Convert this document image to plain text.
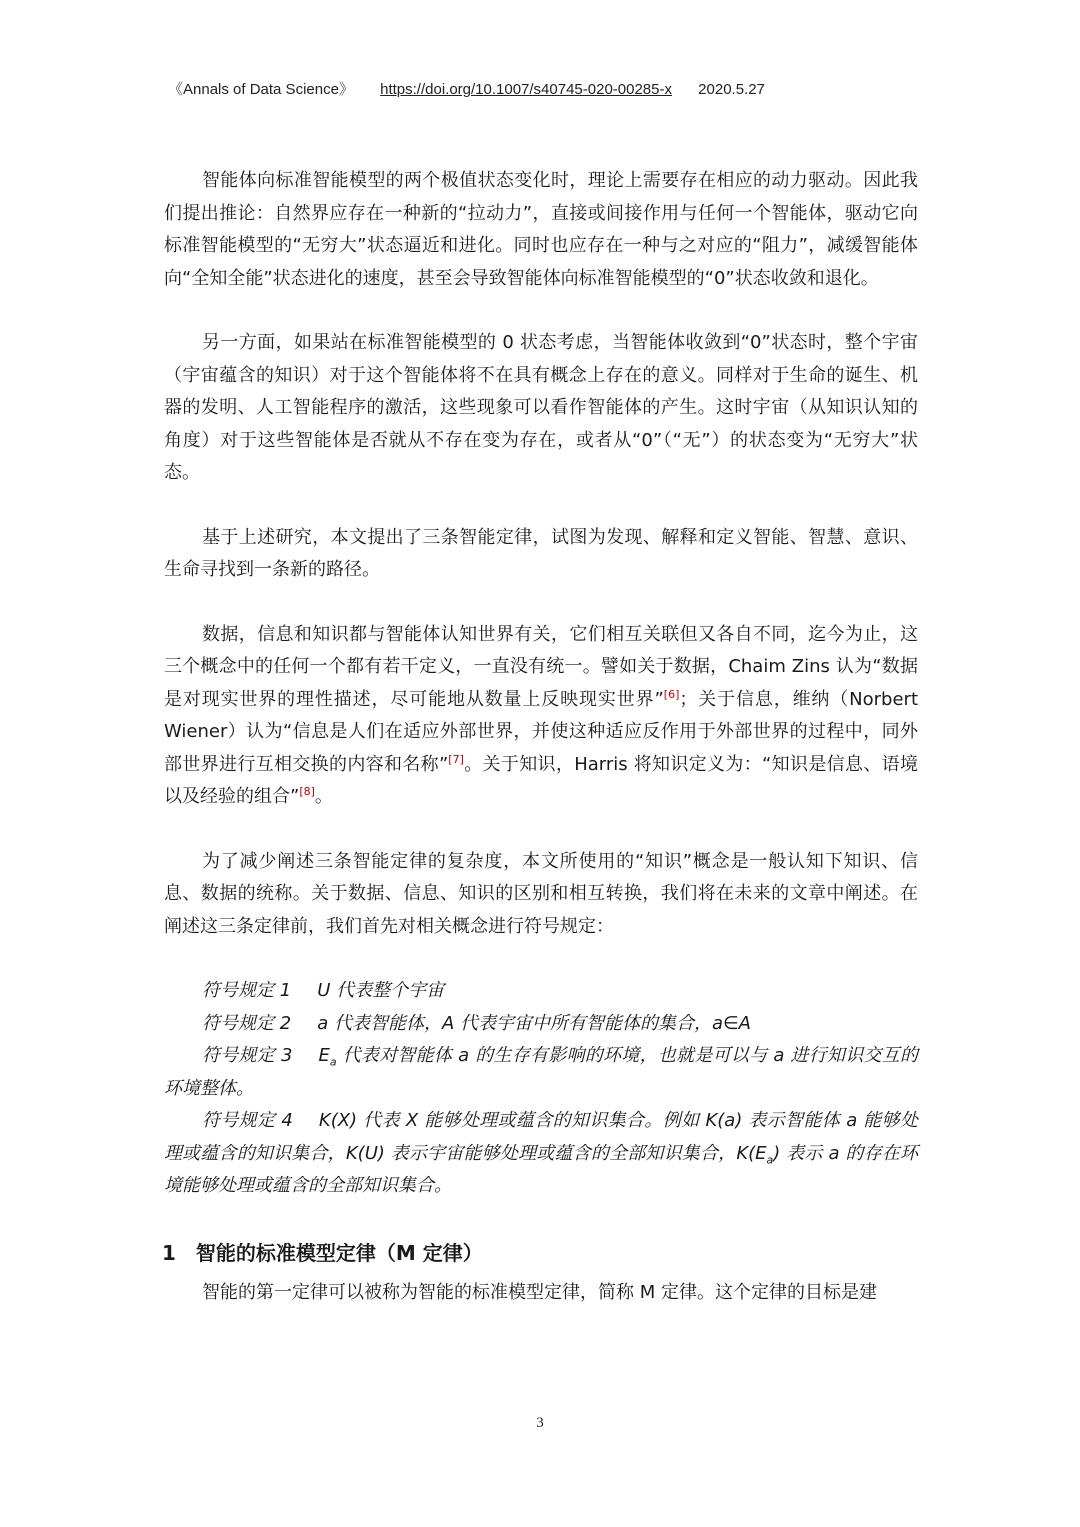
《Annals of Data Science》 https://doi.org/10.1007/s40745-020-00285-x 2020.5.27

智能体向标准智能模型的两个极值状态变化时，理论上需要存在相应的动力驱动。因此我们提出推论：自然界应存在一种新的“拉动力”，直接或间接作用与任何一个智能体，驱动它向标准智能模型的“无穷大”状态逼近和进化。同时也应存在一种与之对应的“阻力”，减缓智能体向“全知全能”状态进化的速度，甚至会导致智能体向标准智能模型的“0”状态收敛和退化。

另一方面，如果站在标准智能模型的 0 状态考虑，当智能体收敛到“0”状态时，整个宇宙（宇宙蕴含的知识）对于这个智能体将不在具有概念上存在的意义。同样对于生命的诞生、机器的发明、人工智能程序的激活，这些现象可以看作智能体的产生。这时宇宙（从知识认知的角度）对于这些智能体是否就从不存在变为存在，或者从“0”（“无”）的状态变为“无穷大”状态。

基于上述研究，本文提出了三条智能定律，试图为发现、解释和定义智能、智慧、意识、生命寻找到一条新的路径。

数据，信息和知识都与智能体认知世界有关，它们相互关联但又各自不同，迄今为止，这三个概念中的任何一个都有若干定义，一直没有统一。譬如关于数据，Chaim Zins 认为“数据是对现实世界的理性描述，尽可能地从数量上反映现实世界”[6]；关于信息，维纳（Norbert Wiener）认为“信息是人们在适应外部世界，并使这种适应反作用于外部世界的过程中，同外部世界进行互相交换的内容和名称”[7]。关于知识，Harris 将知识定义为：“知识是信息、语境以及经验的组合”[8]。

为了减少阐述三条智能定律的复杂度，本文所使用的“知识”概念是一般认知下知识、信息、数据的统称。关于数据、信息、知识的区别和相互转换，我们将在未来的文章中阐述。在阐述这三条定律前，我们首先对相关概念进行符号规定：

符号规定 1 U 代表整个宇宙

符号规定 2 a 代表智能体，A 代表宇宙中所有智能体的集合，a∈A

符号规定 3 $E_a$ 代表对智能体 a 的生存有影响的环境，也就是可以与 a 进行知识交互的环境整体。

符号规定 4 K(X) 代表 X 能够处理或蕴含的知识集合。例如 K(a) 表示智能体 a 能够处理或蕴含的知识集合，K(U) 表示宇宙能够处理或蕴含的全部知识集合，$K(E_a)$ 表示 a 的存在环境能够处理或蕴含的全部知识集合。

1 智能的标准模型定律（M 定律）

智能的第一定律可以被称为智能的标准模型定律，简称 M 定律。这个定律的目标是建

3
